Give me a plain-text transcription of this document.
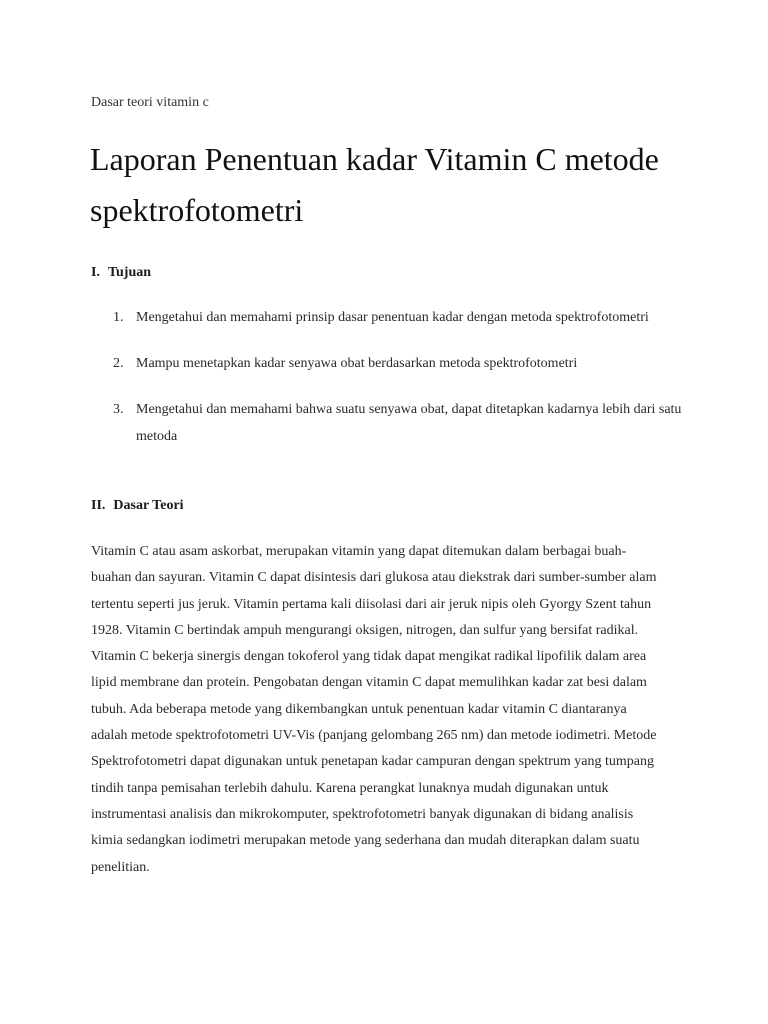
Dasar teori vitamin c
Laporan Penentuan kadar Vitamin C metode spektrofotometri
I. Tujuan
1. Mengetahui dan memahami prinsip dasar penentuan kadar dengan metoda spektrofotometri
2. Mampu menetapkan kadar senyawa obat berdasarkan metoda spektrofotometri
3. Mengetahui dan memahami bahwa suatu senyawa obat, dapat ditetapkan kadarnya lebih dari satu metoda
II. Dasar Teori

Vitamin C atau asam askorbat, merupakan vitamin yang dapat ditemukan dalam berbagai buah-buahan dan sayuran. Vitamin C dapat disintesis dari glukosa atau diekstrak dari sumber-sumber alam tertentu seperti jus jeruk. Vitamin pertama kali diisolasi dari air jeruk nipis oleh Gyorgy Szent tahun 1928. Vitamin C bertindak ampuh mengurangi oksigen, nitrogen, dan sulfur yang bersifat radikal. Vitamin C bekerja sinergis dengan tokoferol yang tidak dapat mengikat radikal lipofilik dalam area lipid membrane dan protein. Pengobatan dengan vitamin C dapat memulihkan kadar zat besi dalam tubuh. Ada beberapa metode yang dikembangkan untuk penentuan kadar vitamin C diantaranya adalah metode spektrofotometri UV-Vis (panjang gelombang 265 nm) dan metode iodimetri. Metode Spektrofotometri dapat digunakan untuk penetapan kadar campuran dengan spektrum yang tumpang tindih tanpa pemisahan terlebih dahulu. Karena perangkat lunaknya mudah digunakan untuk instrumentasi analisis dan mikrokomputer, spektrofotometri banyak digunakan di bidang analisis kimia sedangkan iodimetri merupakan metode yang sederhana dan mudah diterapkan dalam suatu penelitian.
